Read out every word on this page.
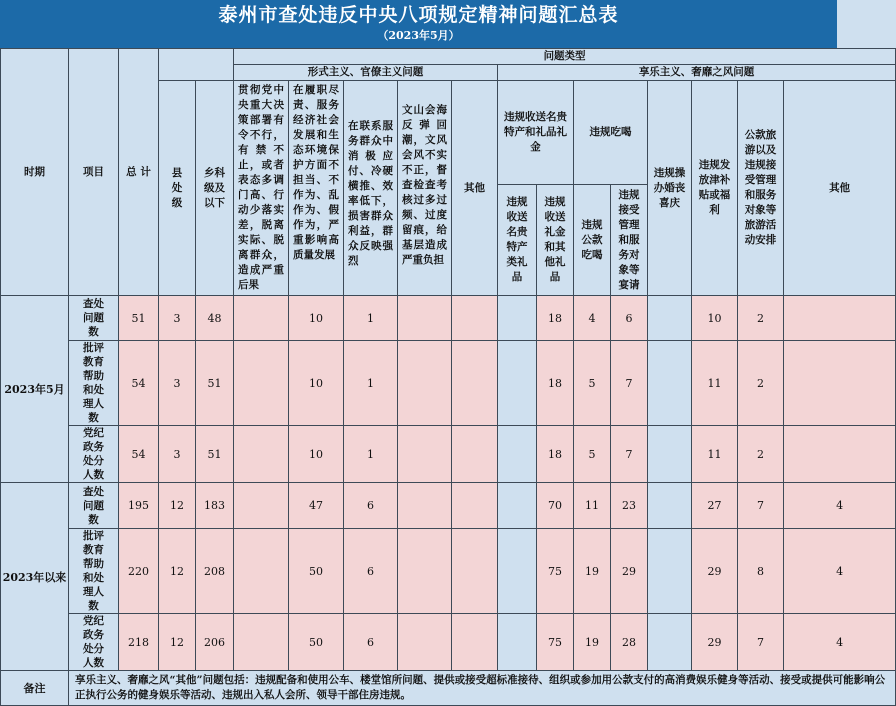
泰州市查处违反中央八项规定精神问题汇总表
（2023年5月）
时期	项目	总 计			问题类型												
					形式主义、官僚主义问题					享乐主义、奢靡之风问题							
			县 处 级	乡科级及以下	贯彻党中央重大决策部署有令不行，有禁不止，或者表态多调门高、行动少落实差，脱离实际、脱离群众，造成严重后果	在履职尽责、服务经济社会发展和生态环境保护方面不担当、不作为、乱作为、假作为，严重影响高质量发展	在联系服务群众中消极应付、冷硬横推、效率低下，损害群众利益，群众反映强烈	文山会海反弹回潮，文风会风不实不正，督查检查考核过多过频、过度留痕，给基层造成严重负担	其他	违规收送名贵特产和礼品礼金		违规吃喝		违规操办婚丧喜庆	违规发放津补贴或福利	公款旅游以及违规接受管理和服务对象等旅游活动安排	其他
										违规收送名贵特产类礼品	违规收送礼金和其他礼品	违规公款吃喝	违规接受管理和服务对象等宴请				
2023年5月	查处问题数	51	3	48		10	1				18	4	6		10	2	
	批评教育帮助和处理人数	54	3	51		10	1				18	5	7		11	2	
	党纪政务处分人数	54	3	51		10	1				18	5	7		11	2	
2023年以来	查处问题数	195	12	183		47	6				70	11	23		27	7	4
	批评教育帮助和处理人数	220	12	208		50	6				75	19	29		29	8	4
	党纪政务处分人数	218	12	206		50	6				75	19	28		29	7	4
备注	享乐主义、奢靡之风“其他”问题包括：违规配备和使用公车、楼堂馆所问题、提供或接受超标准接待、组织或参加用公款支付的高消费娱乐健身等活动、接受或提供可能影响公正执行公务的健身娱乐等活动、违规出入私人会所、领导干部住房违规。																
